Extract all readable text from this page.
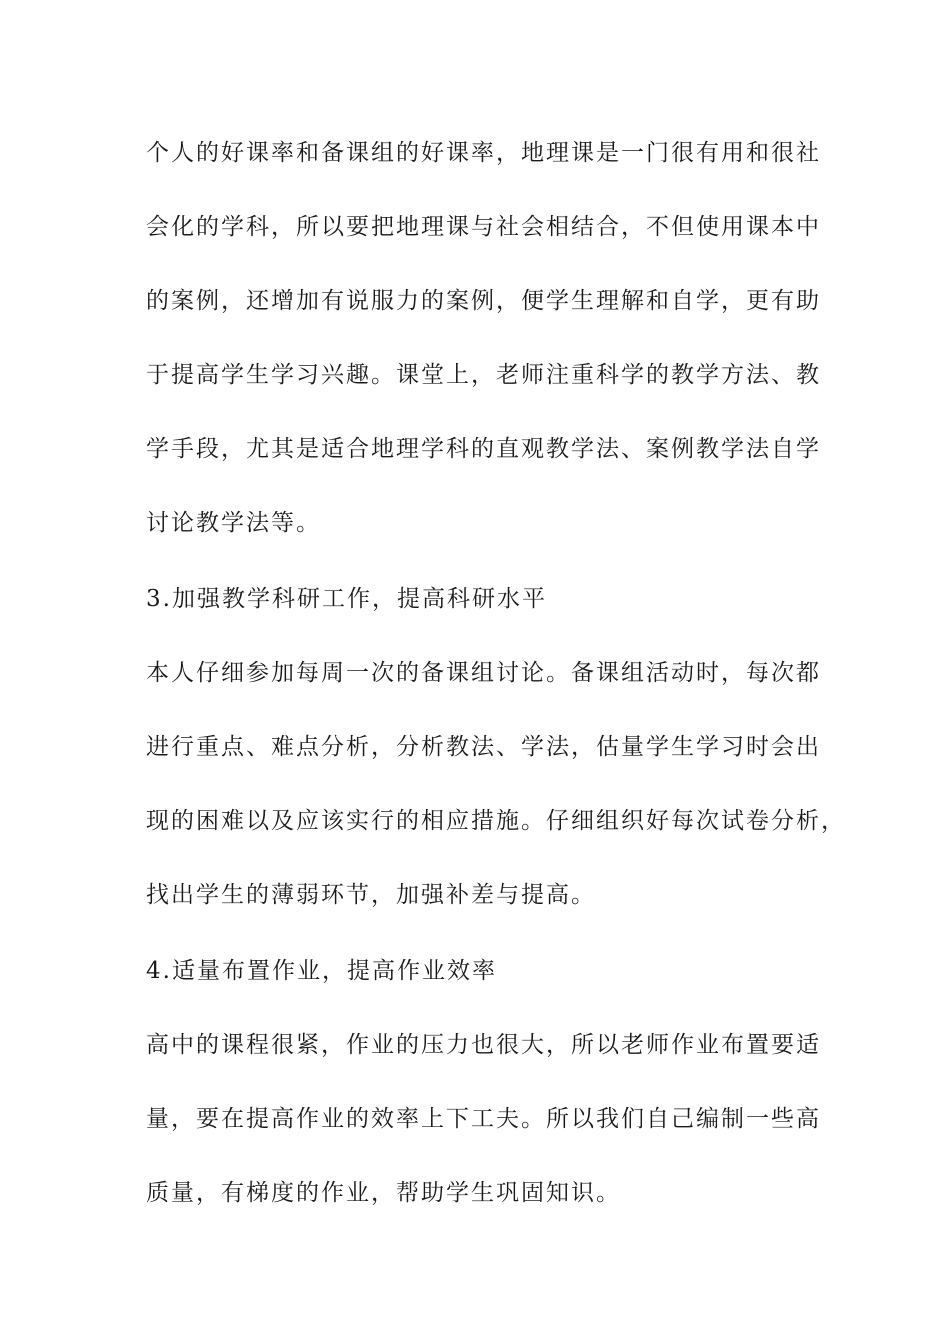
个人的好课率和备课组的好课率，地理课是一门很有用和很社
会化的学科，所以要把地理课与社会相结合，不但使用课本中
的案例，还增加有说服力的案例，便学生理解和自学，更有助
于提高学生学习兴趣。课堂上，老师注重科学的教学方法、教
学手段，尤其是适合地理学科的直观教学法、案例教学法自学
讨论教学法等。
3.加强教学科研工作，提高科研水平
本人仔细参加每周一次的备课组讨论。备课组活动时，每次都
进行重点、难点分析，分析教法、学法，估量学生学习时会出
现的困难以及应该实行的相应措施。仔细组织好每次试卷分析，
找出学生的薄弱环节，加强补差与提高。
4.适量布置作业，提高作业效率
高中的课程很紧，作业的压力也很大，所以老师作业布置要适
量，要在提高作业的效率上下工夫。所以我们自己编制一些高
质量，有梯度的作业，帮助学生巩固知识。
